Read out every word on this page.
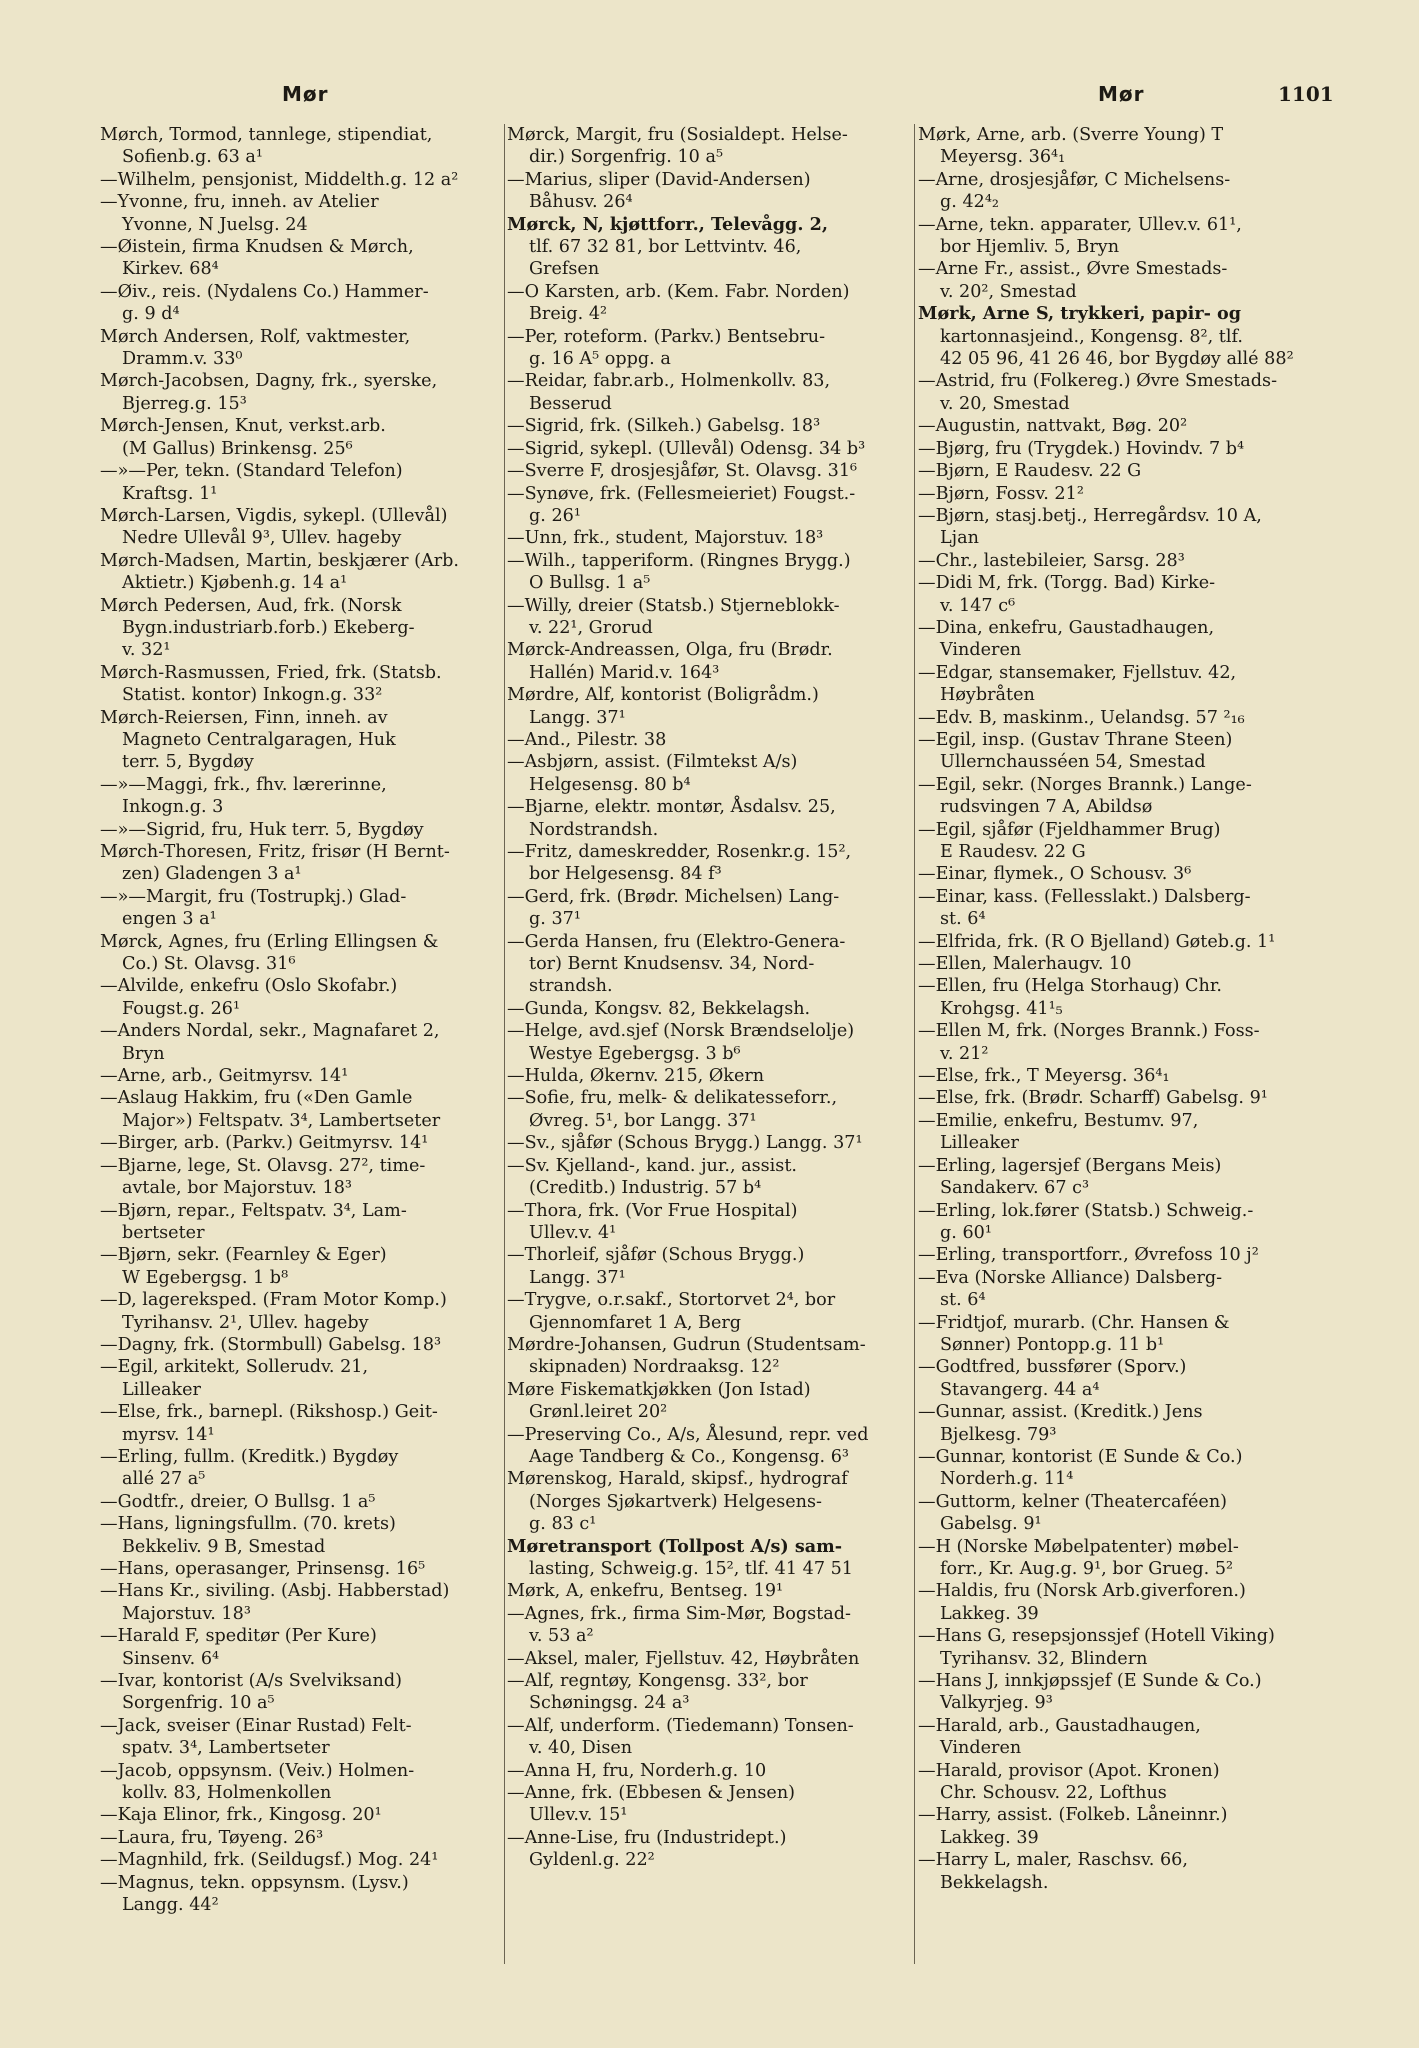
Mør	Mør	1101

Mørch, Tormod, tannlege, stipendiat,
Sofienb.g. 63 a¹

—Wilhelm, pensjonist, Middelth.g. 12 a²

—Yvonne, fru, inneh. av Atelier
Yvonne, N Juelsg. 24

—Øistein, firma Knudsen & Mørch,
Kirkev. 68⁴

—Øiv., reis. (Nydalens Co.) Hammer-
g. 9 d⁴

Mørch Andersen, Rolf, vaktmester,
Dramm.v. 33⁰

Mørch-Jacobsen, Dagny, frk., syerske,
Bjerreg.g. 15³

Mørch-Jensen, Knut, verkst.arb.
(M Gallus) Brinkensg. 25⁶

—»—Per, tekn. (Standard Telefon)
Kraftsg. 1¹

Mørch-Larsen, Vigdis, sykepl. (Ullevål)
Nedre Ullevål 9³, Ullev. hageby

Mørch-Madsen, Martin, beskjærer (Arb.
Aktietr.) Kjøbenh.g. 14 a¹

Mørch Pedersen, Aud, frk. (Norsk
Bygn.industriarb.forb.) Ekeberg-
v. 32¹

Mørch-Rasmussen, Fried, frk. (Statsb.
Statist. kontor) Inkogn.g. 33²

Mørch-Reiersen, Finn, inneh. av
Magneto Centralgaragen, Huk
terr. 5, Bygdøy

—»—Maggi, frk., fhv. lærerinne,
Inkogn.g. 3

—»—Sigrid, fru, Huk terr. 5, Bygdøy

Mørch-Thoresen, Fritz, frisør (H Bernt-
zen) Gladengen 3 a¹

—»—Margit, fru (Tostrupkj.) Glad-
engen 3 a¹

Mørck, Agnes, fru (Erling Ellingsen &
Co.) St. Olavsg. 31⁶

—Alvilde, enkefru (Oslo Skofabr.)
Fougst.g. 26¹

—Anders Nordal, sekr., Magnafaret 2,
Bryn

—Arne, arb., Geitmyrsv. 14¹

—Aslaug Hakkim, fru («Den Gamle
Major») Feltspatv. 3⁴, Lambertseter

—Birger, arb. (Parkv.) Geitmyrsv. 14¹

—Bjarne, lege, St. Olavsg. 27², time-
avtale, bor Majorstuv. 18³

—Bjørn, repar., Feltspatv. 3⁴, Lam-
bertseter

—Bjørn, sekr. (Fearnley & Eger)
W Egebergsg. 1 b⁸

—D, lagereksped. (Fram Motor Komp.)
Tyrihansv. 2¹, Ullev. hageby

—Dagny, frk. (Stormbull) Gabelsg. 18³

—Egil, arkitekt, Sollerudv. 21,
Lilleaker

—Else, frk., barnepl. (Rikshosp.) Geit-
myrsv. 14¹

—Erling, fullm. (Kreditk.) Bygdøy
allé 27 a⁵

—Godtfr., dreier, O Bullsg. 1 a⁵

—Hans, ligningsfullm. (70. krets)
Bekkeliv. 9 B, Smestad

—Hans, operasanger, Prinsensg. 16⁵

—Hans Kr., siviling. (Asbj. Habberstad)
Majorstuv. 18³

—Harald F, speditør (Per Kure)
Sinsenv. 6⁴

—Ivar, kontorist (A/s Svelviksand)
Sorgenfrig. 10 a⁵

—Jack, sveiser (Einar Rustad) Felt-
spatv. 3⁴, Lambertseter

—Jacob, oppsynsm. (Veiv.) Holmen-
kollv. 83, Holmenkollen

—Kaja Elinor, frk., Kingosg. 20¹

—Laura, fru, Tøyeng. 26³

—Magnhild, frk. (Seildugsf.) Mog. 24¹

—Magnus, tekn. oppsynsm. (Lysv.)
Langg. 44²

Mørck, Margit, fru (Sosialdept. Helse-
dir.) Sorgenfrig. 10 a⁵

—Marius, sliper (David-Andersen)
Båhusv. 26⁴

Mørck, N, kjøttforr., Televågg. 2,
tlf. 67 32 81, bor Lettvintv. 46,
Grefsen

—O Karsten, arb. (Kem. Fabr. Norden)
Breig. 4²

—Per, roteform. (Parkv.) Bentsebru-
g. 16 A⁵ oppg. a

—Reidar, fabr.arb., Holmenkollv. 83,
Besserud

—Sigrid, frk. (Silkeh.) Gabelsg. 18³

—Sigrid, sykepl. (Ullevål) Odensg. 34 b³

—Sverre F, drosjesjåfør, St. Olavsg. 31⁶

—Synøve, frk. (Fellesmeieriet) Fougst.-
g. 26¹

—Unn, frk., student, Majorstuv. 18³

—Wilh., tapperiform. (Ringnes Brygg.)
O Bullsg. 1 a⁵

—Willy, dreier (Statsb.) Stjerneblokk-
v. 22¹, Grorud

Mørck-Andreassen, Olga, fru (Brødr.
Hallén) Marid.v. 164³

Mørdre, Alf, kontorist (Boligrådm.)
Langg. 37¹

—And., Pilestr. 38

—Asbjørn, assist. (Filmtekst A/s)
Helgesensg. 80 b⁴

—Bjarne, elektr. montør, Åsdalsv. 25,
Nordstrandsh.

—Fritz, dameskredder, Rosenkr.g. 15²,
bor Helgesensg. 84 f³

—Gerd, frk. (Brødr. Michelsen) Lang-
g. 37¹

—Gerda Hansen, fru (Elektro-Genera-
tor) Bernt Knudsensv. 34, Nord-
strandsh.

—Gunda, Kongsv. 82, Bekkelagsh.

—Helge, avd.sjef (Norsk Brændselolje)
Westye Egebergsg. 3 b⁶

—Hulda, Økernv. 215, Økern

—Sofie, fru, melk- & delikatesseforr.,
Øvreg. 5¹, bor Langg. 37¹

—Sv., sjåfør (Schous Brygg.) Langg. 37¹

—Sv. Kjelland-, kand. jur., assist.
(Creditb.) Industrig. 57 b⁴

—Thora, frk. (Vor Frue Hospital)
Ullev.v. 4¹

—Thorleif, sjåfør (Schous Brygg.)
Langg. 37¹

—Trygve, o.r.sakf., Stortorvet 2⁴, bor
Gjennomfaret 1 A, Berg

Mørdre-Johansen, Gudrun (Studentsam-
skipnaden) Nordraaksg. 12²

Møre Fiskematkjøkken (Jon Istad)
Grønl.leiret 20²

—Preserving Co., A/s, Ålesund, repr. ved
Aage Tandberg & Co., Kongensg. 6³

Mørenskog, Harald, skipsf., hydrograf
(Norges Sjøkartverk) Helgesens-
g. 83 c¹

Møretransport (Tollpost A/s) sam-
lasting, Schweig.g. 15², tlf. 41 47 51

Mørk, A, enkefru, Bentseg. 19¹

—Agnes, frk., firma Sim-Mør, Bogstad-
v. 53 a²

—Aksel, maler, Fjellstuv. 42, Høybråten

—Alf, regntøy, Kongensg. 33², bor
Schøningsg. 24 a³

—Alf, underform. (Tiedemann) Tonsen-
v. 40, Disen

—Anna H, fru, Norderh.g. 10

—Anne, frk. (Ebbesen & Jensen)
Ullev.v. 15¹

—Anne-Lise, fru (Industridept.)
Gyldenl.g. 22²

Mørk, Arne, arb. (Sverre Young) T
Meyersg. 36⁴₁

—Arne, drosjesjåfør, C Michelsens-
g. 42⁴₂

—Arne, tekn. apparater, Ullev.v. 61¹,
bor Hjemliv. 5, Bryn

—Arne Fr., assist., Øvre Smestads-
v. 20², Smestad

Mørk, Arne S, trykkeri, papir- og
kartonnasjeind., Kongensg. 8², tlf.
42 05 96, 41 26 46, bor Bygdøy allé 88²

—Astrid, fru (Folkereg.) Øvre Smestads-
v. 20, Smestad

—Augustin, nattvakt, Bøg. 20²

—Bjørg, fru (Trygdek.) Hovindv. 7 b⁴

—Bjørn, E Raudesv. 22 G

—Bjørn, Fossv. 21²

—Bjørn, stasj.betj., Herregårdsv. 10 A,
Ljan

—Chr., lastebileier, Sarsg. 28³

—Didi M, frk. (Torgg. Bad) Kirke-
v. 147 c⁶

—Dina, enkefru, Gaustadhaugen,
Vinderen

—Edgar, stansemaker, Fjellstuv. 42,
Høybråten

—Edv. B, maskinm., Uelandsg. 57 ²₁₆

—Egil, insp. (Gustav Thrane Steen)
Ullernchausséen 54, Smestad

—Egil, sekr. (Norges Brannk.) Lange-
rudsvingen 7 A, Abildsø

—Egil, sjåfør (Fjeldhammer Brug)
E Raudesv. 22 G

—Einar, flymek., O Schousv. 3⁶

—Einar, kass. (Fellesslakt.) Dalsberg-
st. 6⁴

—Elfrida, frk. (R O Bjelland) Gøteb.g. 1¹

—Ellen, Malerhaugv. 10

—Ellen, fru (Helga Storhaug) Chr.
Krohgsg. 41¹₅

—Ellen M, frk. (Norges Brannk.) Foss-
v. 21²

—Else, frk., T Meyersg. 36⁴₁

—Else, frk. (Brødr. Scharff) Gabelsg. 9¹

—Emilie, enkefru, Bestumv. 97,
Lilleaker

—Erling, lagersjef (Bergans Meis)
Sandakerv. 67 c³

—Erling, lok.fører (Statsb.) Schweig.-
g. 60¹

—Erling, transportforr., Øvrefoss 10 j²

—Eva (Norske Alliance) Dalsberg-
st. 6⁴

—Fridtjof, murarb. (Chr. Hansen &
Sønner) Pontopp.g. 11 b¹

—Godtfred, bussfører (Sporv.)
Stavangerg. 44 a⁴

—Gunnar, assist. (Kreditk.) Jens
Bjelkesg. 79³

—Gunnar, kontorist (E Sunde & Co.)
Norderh.g. 11⁴

—Guttorm, kelner (Theatercaféen)
Gabelsg. 9¹

—H (Norske Møbelpatenter) møbel-
forr., Kr. Aug.g. 9¹, bor Grueg. 5²

—Haldis, fru (Norsk Arb.giverforen.)
Lakkeg. 39

—Hans G, resepsjonssjef (Hotell Viking)
Tyrihansv. 32, Blindern

—Hans J, innkjøpssjef (E Sunde & Co.)
Valkyrjeg. 9³

—Harald, arb., Gaustadhaugen,
Vinderen

—Harald, provisor (Apot. Kronen)
Chr. Schousv. 22, Lofthus

—Harry, assist. (Folkeb. Låneinnr.)
Lakkeg. 39

—Harry L, maler, Raschsv. 66,
Bekkelagsh.
